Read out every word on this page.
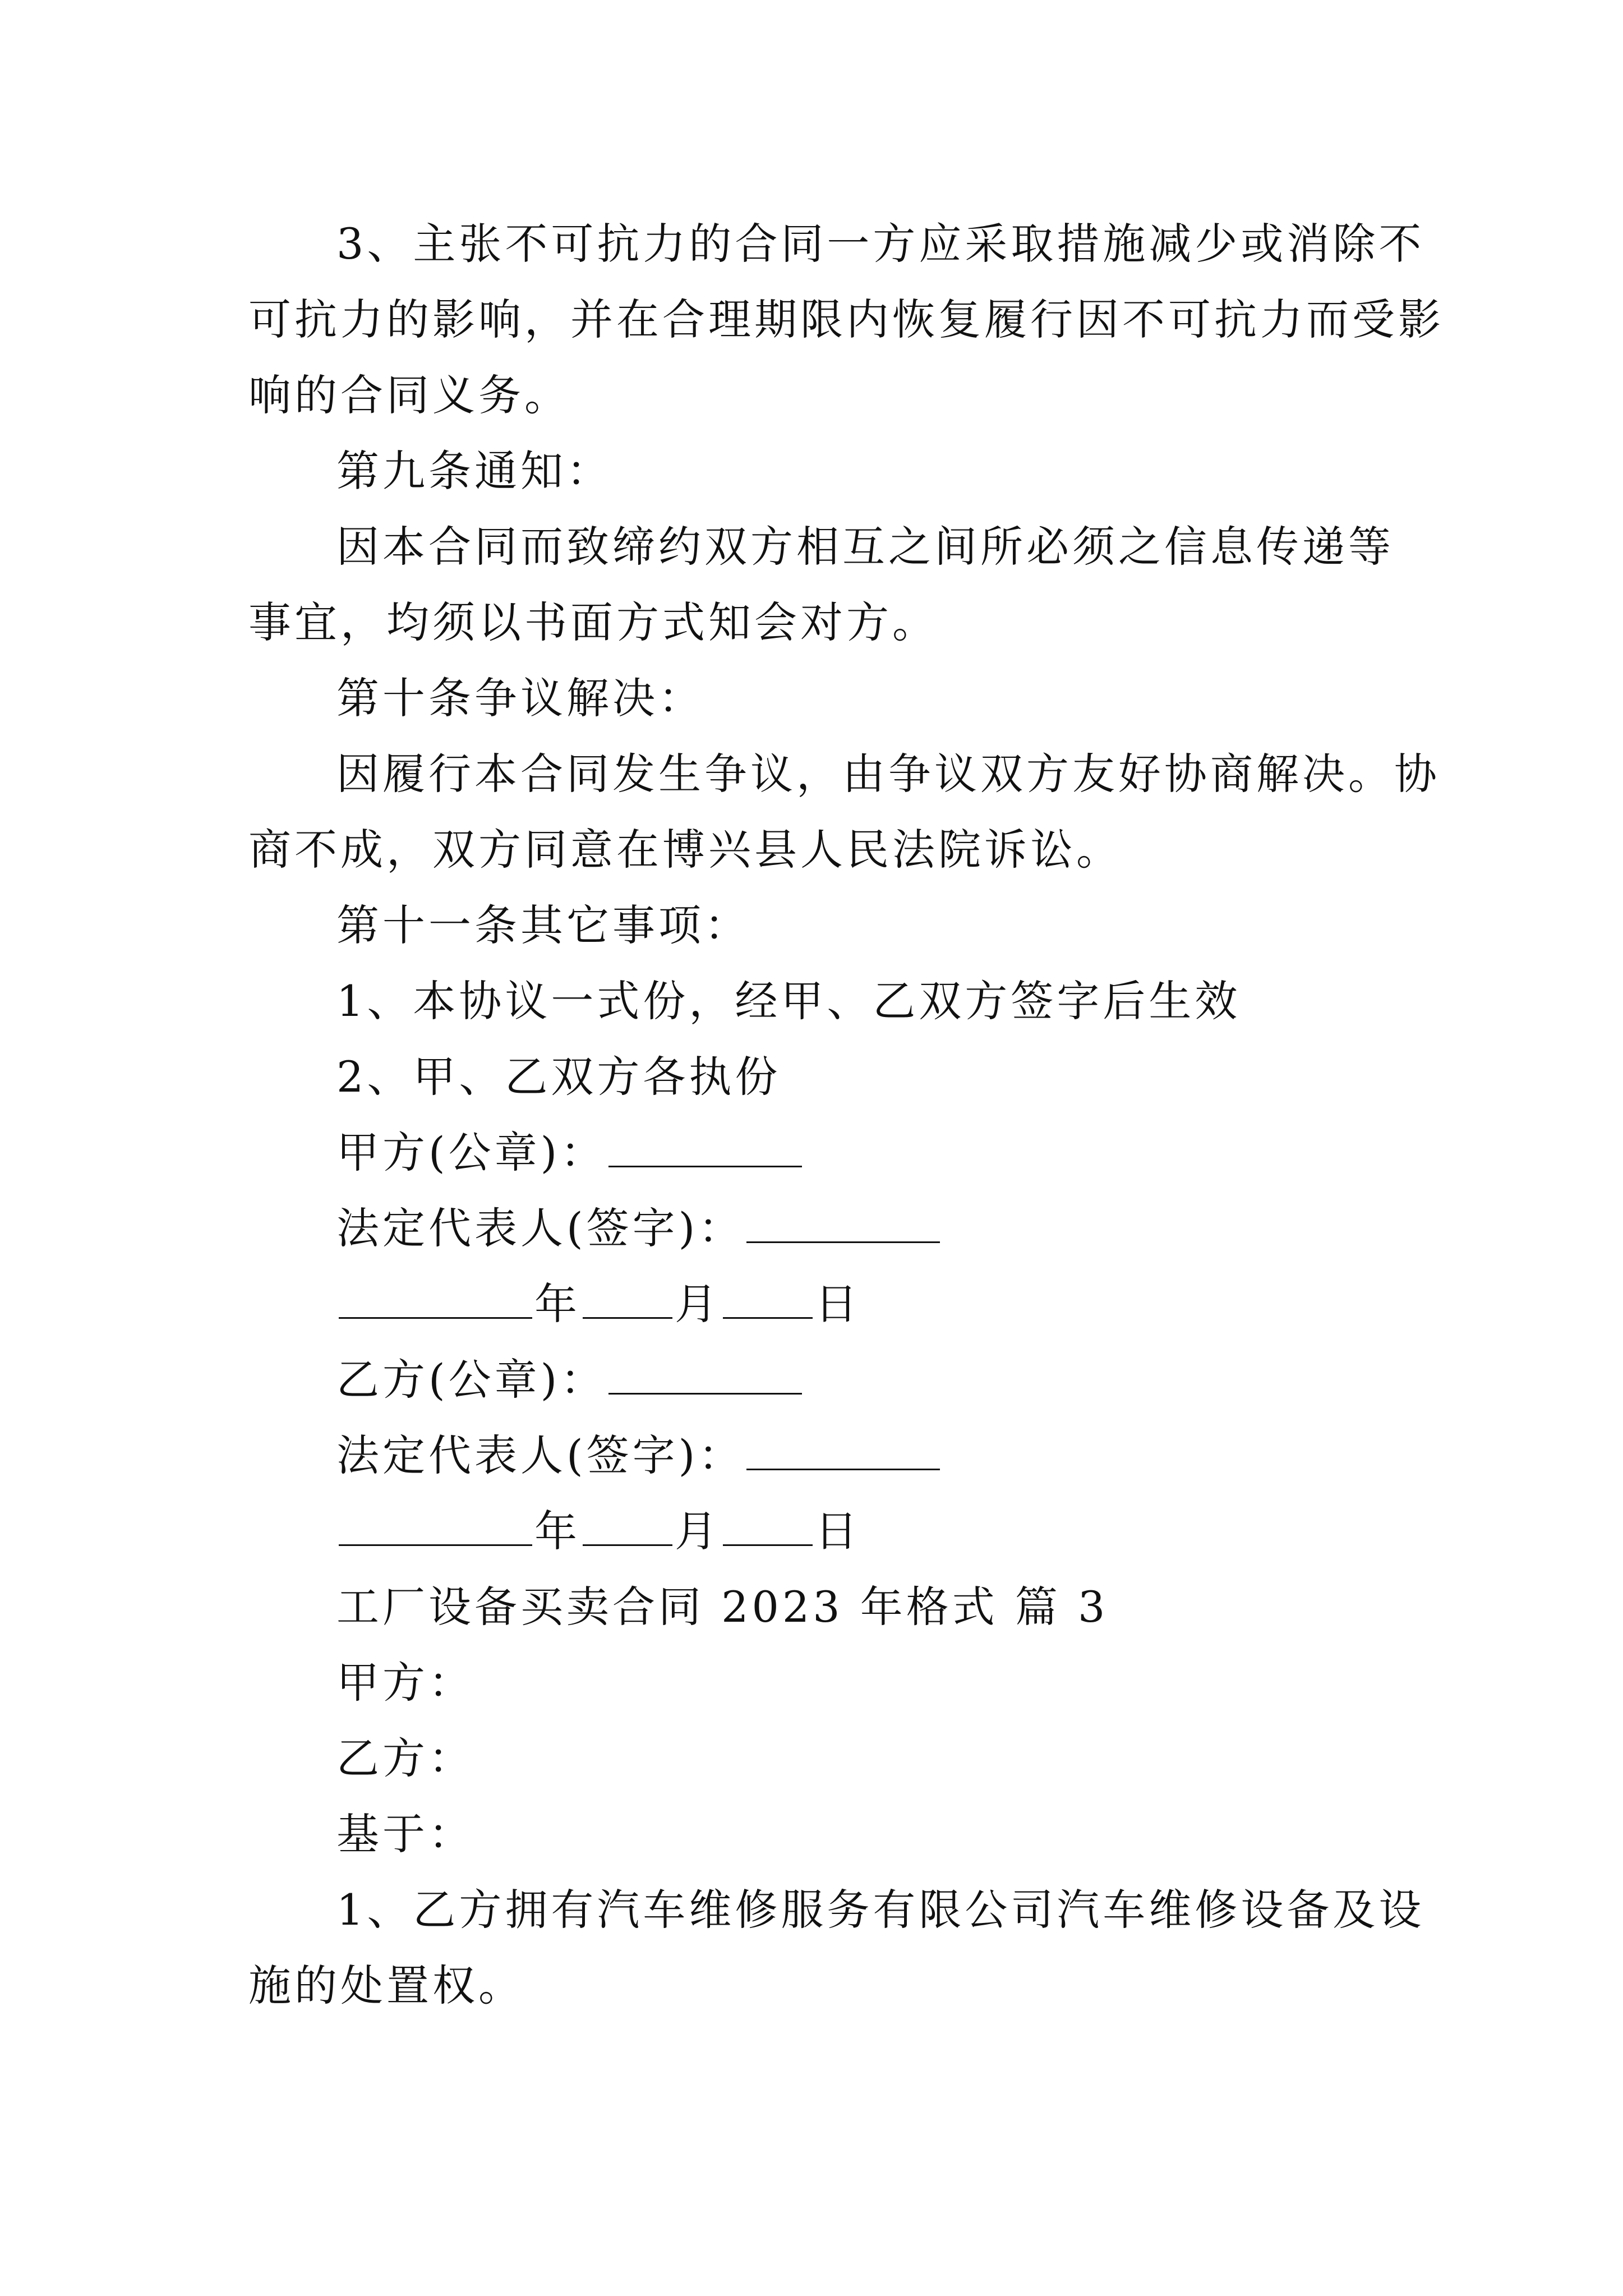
3、主张不可抗力的合同一方应采取措施减少或消除不
可抗力的影响，并在合理期限内恢复履行因不可抗力而受影
响的合同义务。
第九条通知：
因本合同而致缔约双方相互之间所必须之信息传递等
事宜，均须以书面方式知会对方。
第十条争议解决：
因履行本合同发生争议，由争议双方友好协商解决。协
商不成，双方同意在博兴县人民法院诉讼。
第十一条其它事项：
1、本协议一式份，经甲、乙双方签字后生效
2、甲、乙双方各执份
甲方(公章)：
法定代表人(签字)：
年 月 日
乙方(公章)：
法定代表人(签字)：
年 月 日
工厂设备买卖合同 2023 年格式 篇 3
甲方：
乙方：
基于：
1、乙方拥有汽车维修服务有限公司汽车维修设备及设
施的处置权。
